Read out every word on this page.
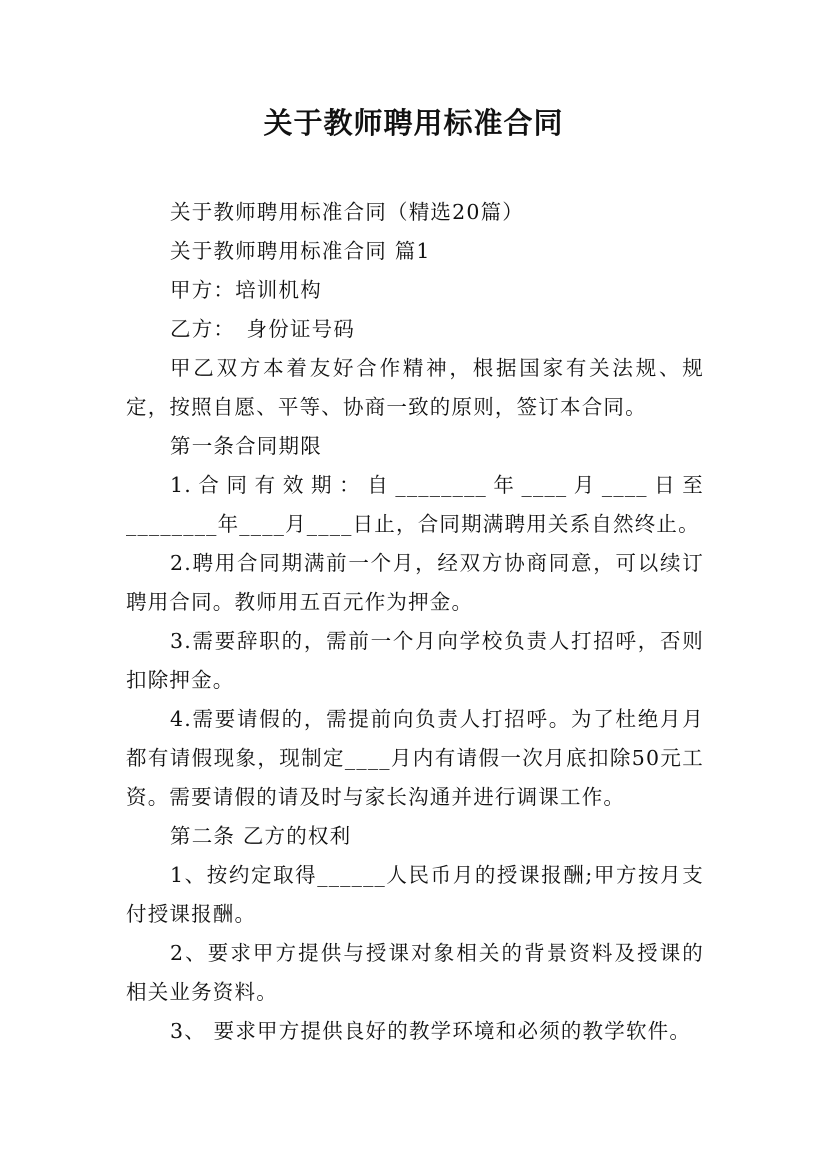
关于教师聘用标准合同

关于教师聘用标准合同（精选20篇）

关于教师聘用标准合同 篇1

甲方：培训机构

乙方：　身份证号码

甲乙双方本着友好合作精神，根据国家有关法规、规定，按照自愿、平等、协商一致的原则，签订本合同。

第一条合同期限

1.合同有效期：自________年____月____日至________年____月____日止，合同期满聘用关系自然终止。

2.聘用合同期满前一个月，经双方协商同意，可以续订聘用合同。教师用五百元作为押金。

3.需要辞职的，需前一个月向学校负责人打招呼，否则扣除押金。

4.需要请假的，需提前向负责人打招呼。为了杜绝月月都有请假现象，现制定____月内有请假一次月底扣除50元工资。需要请假的请及时与家长沟通并进行调课工作。

第二条 乙方的权利

1、按约定取得______人民币月的授课报酬;甲方按月支付授课报酬。

2、要求甲方提供与授课对象相关的背景资料及授课的相关业务资料。

3、 要求甲方提供良好的教学环境和必须的教学软件。
